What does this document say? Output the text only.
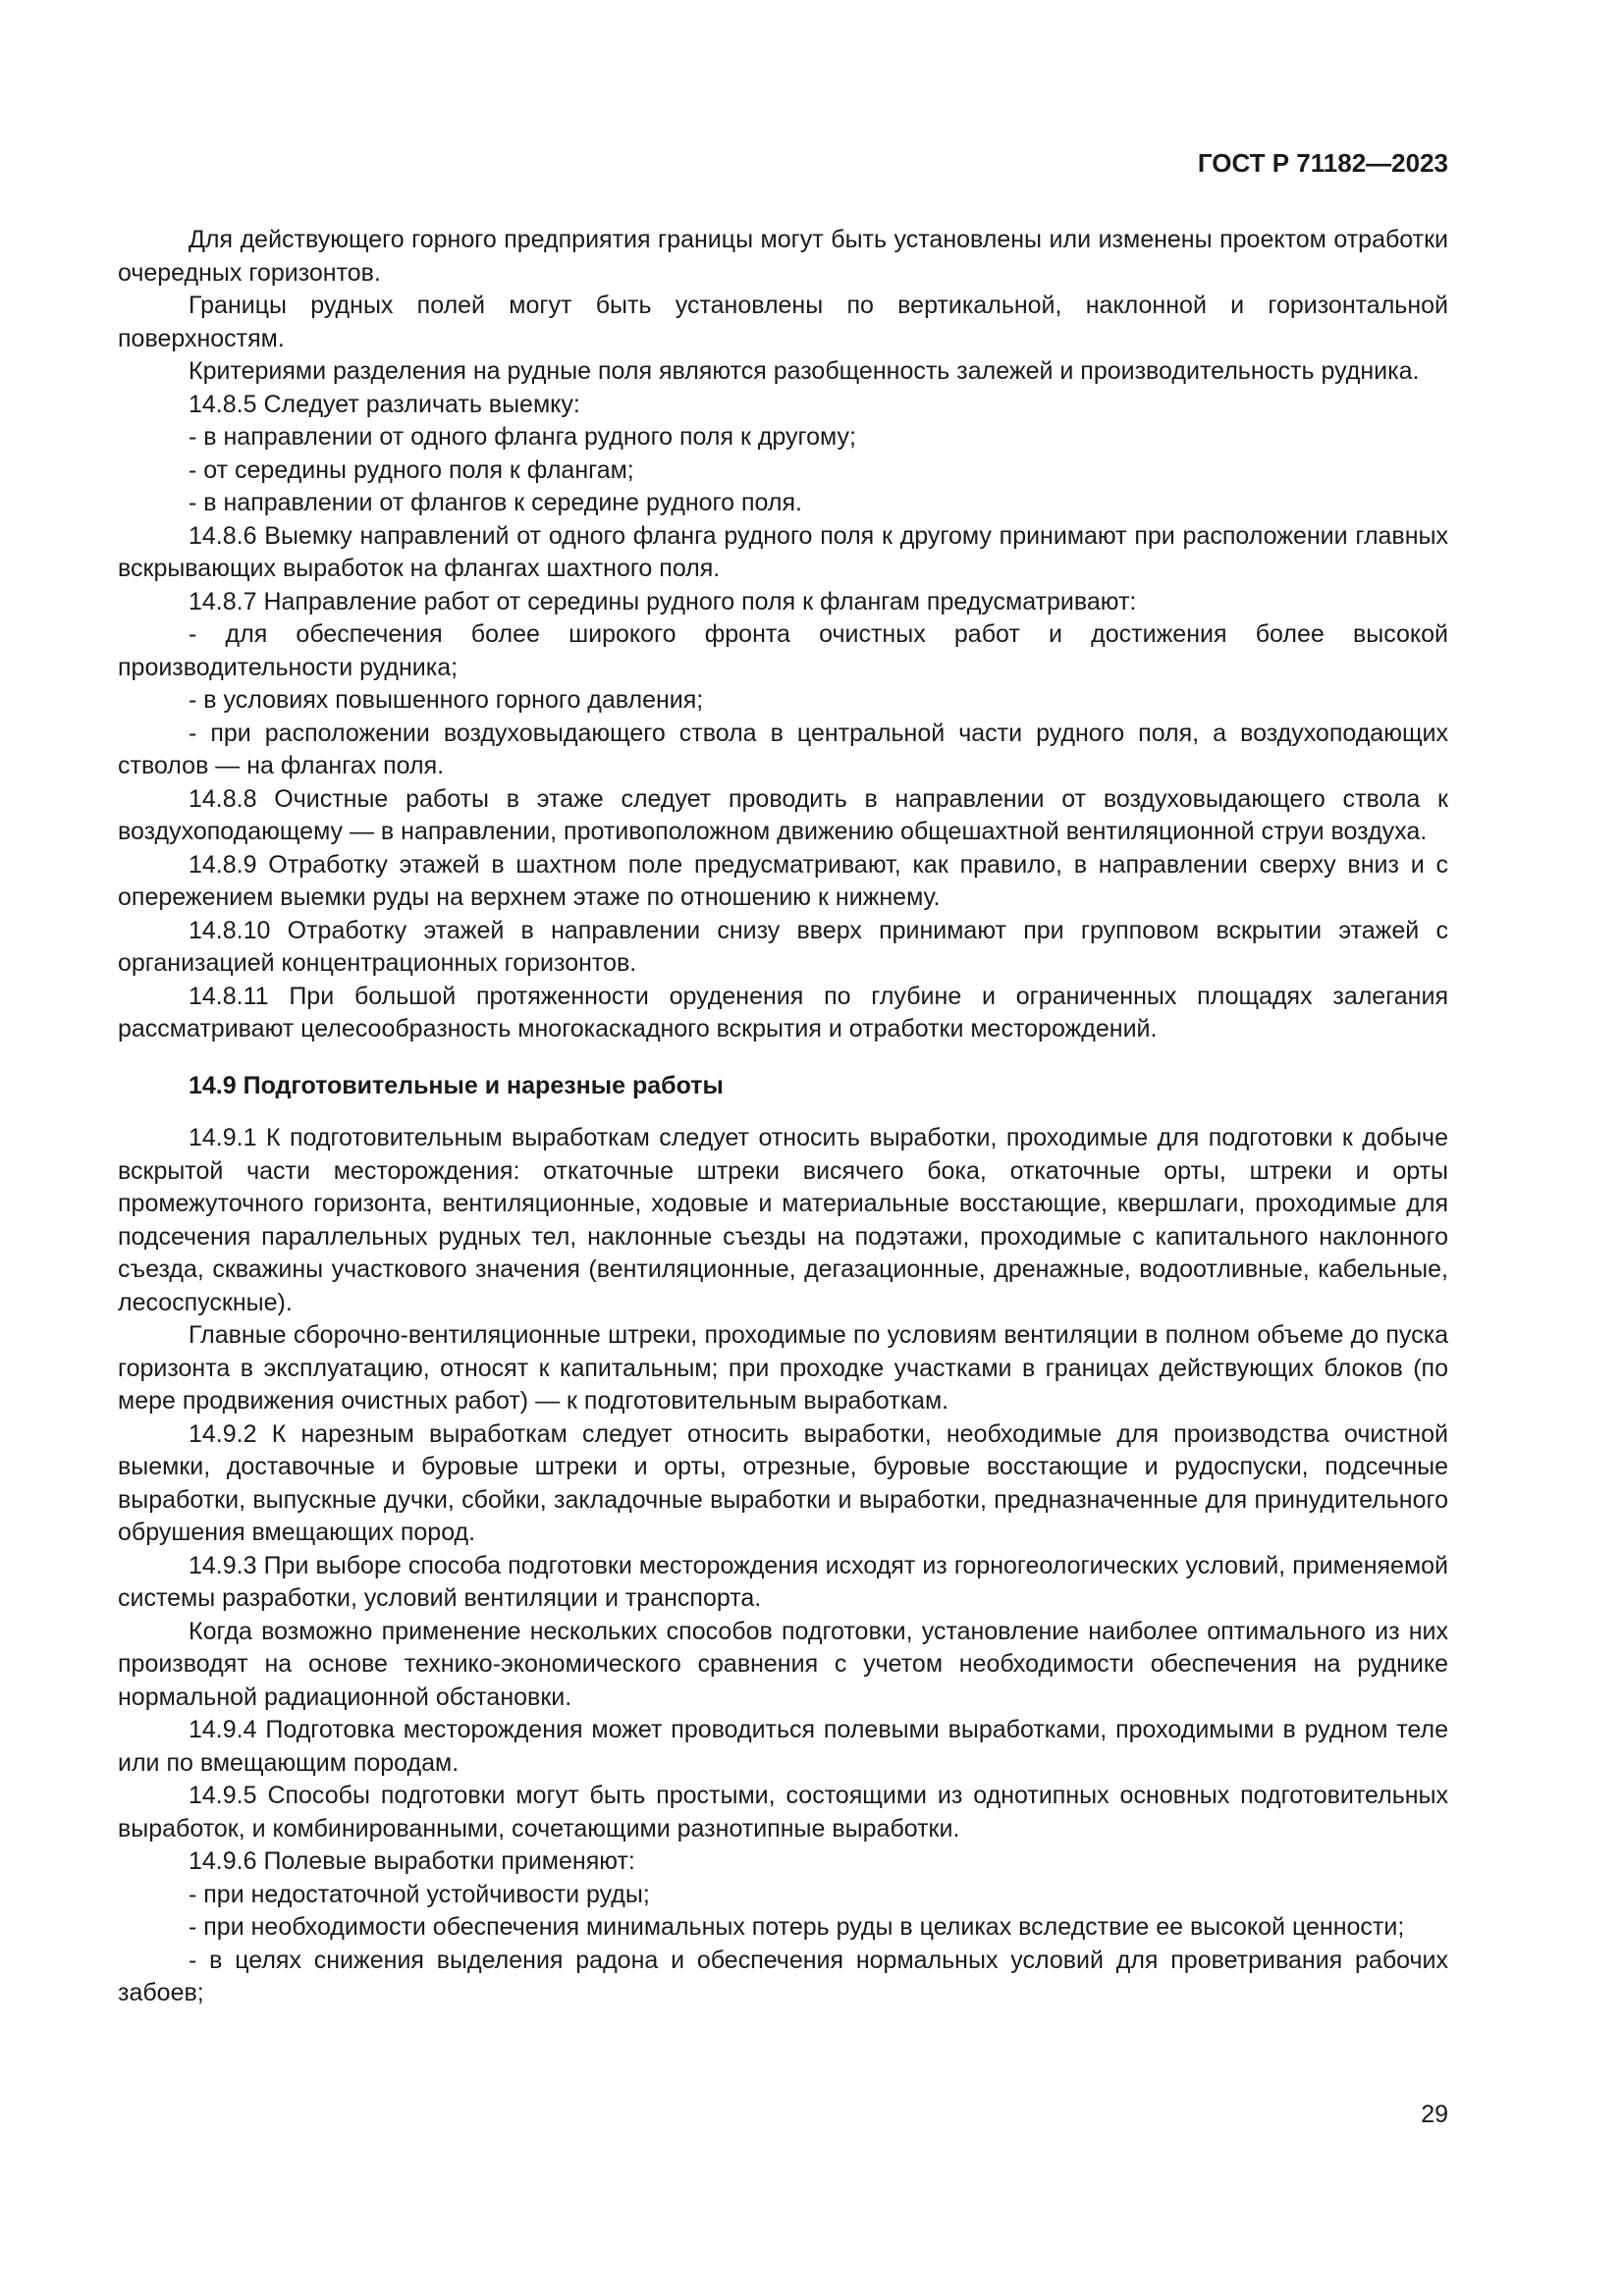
ГОСТ Р 71182—2023

Для действующего горного предприятия границы могут быть установлены или изменены проектом отработки очередных горизонтов.

Границы рудных полей могут быть установлены по вертикальной, наклонной и горизонтальной поверхностям.

Критериями разделения на рудные поля являются разобщенность залежей и производительность рудника.

14.8.5 Следует различать выемку:

- в направлении от одного фланга рудного поля к другому;

- от середины рудного поля к флангам;

- в направлении от флангов к середине рудного поля.

14.8.6 Выемку направлений от одного фланга рудного поля к другому принимают при расположении главных вскрывающих выработок на флангах шахтного поля.

14.8.7 Направление работ от середины рудного поля к флангам предусматривают:

- для обеспечения более широкого фронта очистных работ и достижения более высокой производительности рудника;

- в условиях повышенного горного давления;

- при расположении воздуховыдающего ствола в центральной части рудного поля, а воздухоподающих стволов — на флангах поля.

14.8.8 Очистные работы в этаже следует проводить в направлении от воздуховыдающего ствола к воздухоподающему — в направлении, противоположном движению общешахтной вентиляционной струи воздуха.

14.8.9 Отработку этажей в шахтном поле предусматривают, как правило, в направлении сверху вниз и с опережением выемки руды на верхнем этаже по отношению к нижнему.

14.8.10 Отработку этажей в направлении снизу вверх принимают при групповом вскрытии этажей с организацией концентрационных горизонтов.

14.8.11 При большой протяженности оруденения по глубине и ограниченных площадях залегания рассматривают целесообразность многокаскадного вскрытия и отработки месторождений.

14.9 Подготовительные и нарезные работы

14.9.1 К подготовительным выработкам следует относить выработки, проходимые для подготовки к добыче вскрытой части месторождения: откаточные штреки висячего бока, откаточные орты, штреки и орты промежуточного горизонта, вентиляционные, ходовые и материальные восстающие, квершлаги, проходимые для подсечения параллельных рудных тел, наклонные съезды на подэтажи, проходимые с капитального наклонного съезда, скважины участкового значения (вентиляционные, дегазационные, дренажные, водоотливные, кабельные, лесоспускные).

Главные сборочно-вентиляционные штреки, проходимые по условиям вентиляции в полном объеме до пуска горизонта в эксплуатацию, относят к капитальным; при проходке участками в границах действующих блоков (по мере продвижения очистных работ) — к подготовительным выработкам.

14.9.2 К нарезным выработкам следует относить выработки, необходимые для производства очистной выемки, доставочные и буровые штреки и орты, отрезные, буровые восстающие и рудоспуски, подсечные выработки, выпускные дучки, сбойки, закладочные выработки и выработки, предназначенные для принудительного обрушения вмещающих пород.

14.9.3 При выборе способа подготовки месторождения исходят из горногеологических условий, применяемой системы разработки, условий вентиляции и транспорта.

Когда возможно применение нескольких способов подготовки, установление наиболее оптимального из них производят на основе технико-экономического сравнения с учетом необходимости обеспечения на руднике нормальной радиационной обстановки.

14.9.4 Подготовка месторождения может проводиться полевыми выработками, проходимыми в рудном теле или по вмещающим породам.

14.9.5 Способы подготовки могут быть простыми, состоящими из однотипных основных подготовительных выработок, и комбинированными, сочетающими разнотипные выработки.

14.9.6 Полевые выработки применяют:

- при недостаточной устойчивости руды;

- при необходимости обеспечения минимальных потерь руды в целиках вследствие ее высокой ценности;

- в целях снижения выделения радона и обеспечения нормальных условий для проветривания рабочих забоев;

29
